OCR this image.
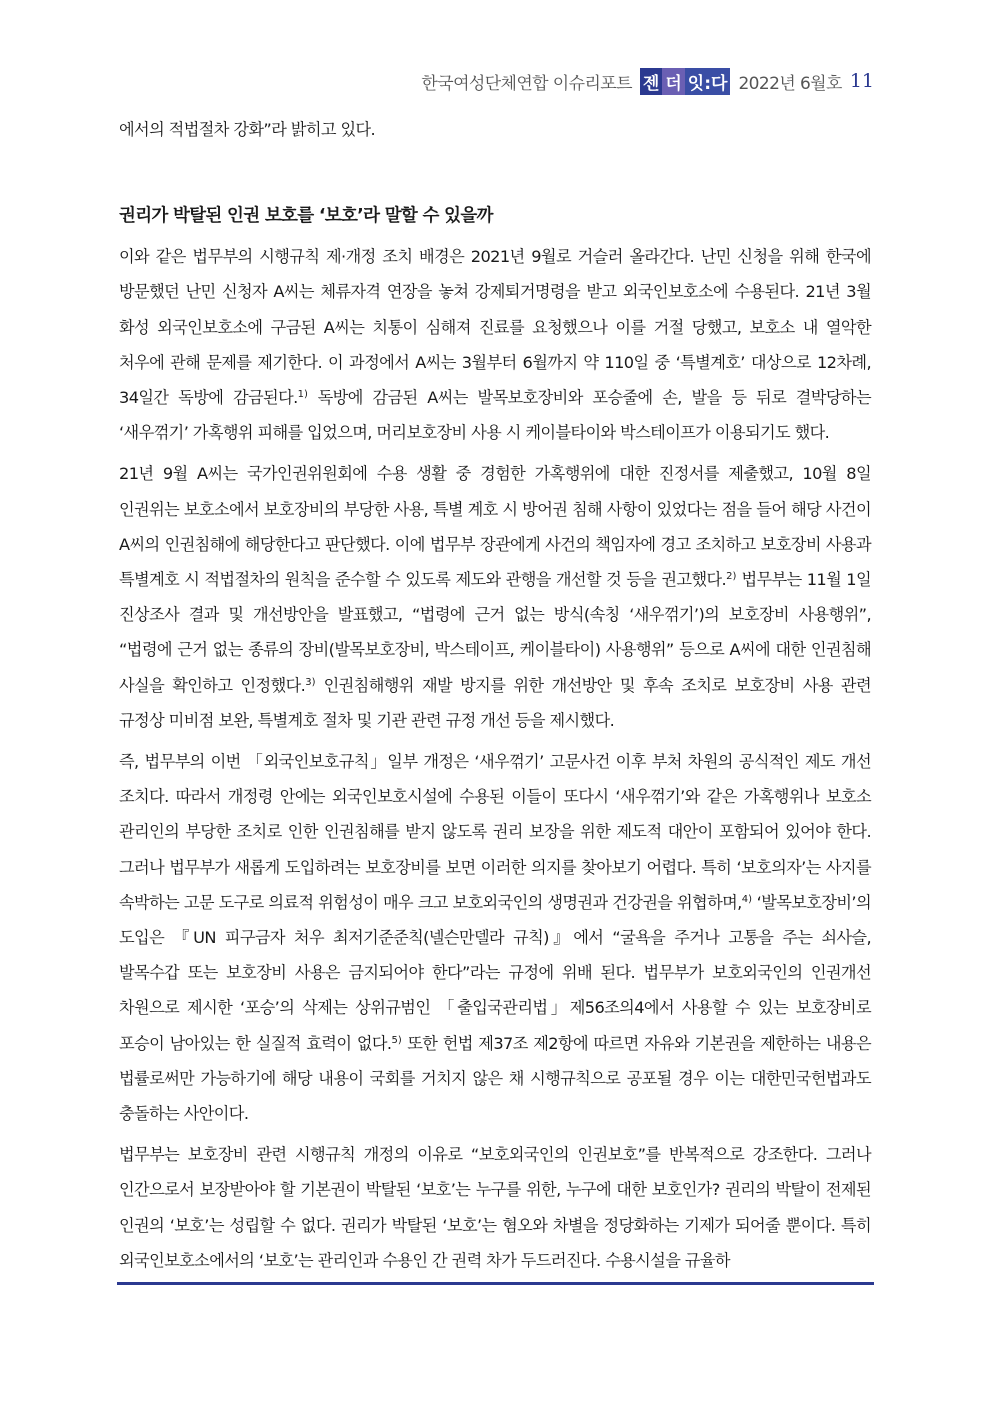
한국여성단체연합 이슈리포트 젠 더 잇:다 2022년 6월호 11

에서의 적법절차 강화”라 밝히고 있다.

권리가 박탈된 인권 보호를 ‘보호’라 말할 수 있을까

이와 같은 법무부의 시행규칙 제·개정 조치 배경은 2021년 9월로 거슬러 올라간다. 난민 신청을 위해 한국에 방문했던 난민 신청자 A씨는 체류자격 연장을 놓쳐 강제퇴거명령을 받고 외국인보호소에 수용된다. 21년 3월 화성 외국인보호소에 구금된 A씨는 치통이 심해져 진료를 요청했으나 이를 거절 당했고, 보호소 내 열악한 처우에 관해 문제를 제기한다. 이 과정에서 A씨는 3월부터 6월까지 약 110일 중 ‘특별계호’ 대상으로 12차례, 34일간 독방에 감금된다.$^{1)}$ 독방에 감금된 A씨는 발목보호장비와 포승줄에 손, 발을 등 뒤로 결박당하는 ‘새우꺾기’ 가혹행위 피해를 입었으며, 머리보호장비 사용 시 케이블타이와 박스테이프가 이용되기도 했다.

21년 9월 A씨는 국가인권위원회에 수용 생활 중 경험한 가혹행위에 대한 진정서를 제출했고, 10월 8일 인권위는 보호소에서 보호장비의 부당한 사용, 특별 계호 시 방어권 침해 사항이 있었다는 점을 들어 해당 사건이 A씨의 인권침해에 해당한다고 판단했다. 이에 법무부 장관에게 사건의 책임자에 경고 조치하고 보호장비 사용과 특별계호 시 적법절차의 원칙을 준수할 수 있도록 제도와 관행을 개선할 것 등을 권고했다.$^{2)}$ 법무부는 11월 1일 진상조사 결과 및 개선방안을 발표했고, “법령에 근거 없는 방식(속칭 ‘새우꺾기’)의 보호장비 사용행위”, “법령에 근거 없는 종류의 장비(발목보호장비, 박스테이프, 케이블타이) 사용행위” 등으로 A씨에 대한 인권침해 사실을 확인하고 인정했다.$^{3)}$ 인권침해행위 재발 방지를 위한 개선방안 및 후속 조치로 보호장비 사용 관련 규정상 미비점 보완, 특별계호 절차 및 기관 관련 규정 개선 등을 제시했다.

즉, 법무부의 이번 「외국인보호규칙」일부 개정은 ‘새우꺾기’ 고문사건 이후 부처 차원의 공식적인 제도 개선 조치다. 따라서 개정령 안에는 외국인보호시설에 수용된 이들이 또다시 ‘새우꺾기’와 같은 가혹행위나 보호소 관리인의 부당한 조치로 인한 인권침해를 받지 않도록 권리 보장을 위한 제도적 대안이 포함되어 있어야 한다. 그러나 법무부가 새롭게 도입하려는 보호장비를 보면 이러한 의지를 찾아보기 어렵다. 특히 ‘보호의자’는 사지를 속박하는 고문 도구로 의료적 위험성이 매우 크고 보호외국인의 생명권과 건강권을 위협하며,$^{4)}$ ‘발목보호장비’의 도입은 『UN 피구금자 처우 최저기준준칙(넬슨만델라 규칙)』에서 “굴욕을 주거나 고통을 주는 쇠사슬, 발목수갑 또는 보호장비 사용은 금지되어야 한다”라는 규정에 위배 된다. 법무부가 보호외국인의 인권개선 차원으로 제시한 ‘포승’의 삭제는 상위규범인 「출입국관리법」제56조의4에서 사용할 수 있는 보호장비로 포승이 남아있는 한 실질적 효력이 없다.$^{5)}$ 또한 헌법 제37조 제2항에 따르면 자유와 기본권을 제한하는 내용은 법률로써만 가능하기에 해당 내용이 국회를 거치지 않은 채 시행규칙으로 공포될 경우 이는 대한민국헌법과도 충돌하는 사안이다.

법무부는 보호장비 관련 시행규칙 개정의 이유로 “보호외국인의 인권보호”를 반복적으로 강조한다. 그러나 인간으로서 보장받아야 할 기본권이 박탈된 ‘보호’는 누구를 위한, 누구에 대한 보호인가? 권리의 박탈이 전제된 인권의 ‘보호’는 성립할 수 없다. 권리가 박탈된 ‘보호’는 혐오와 차별을 정당화하는 기제가 되어줄 뿐이다. 특히 외국인보호소에서의 ‘보호’는 관리인과 수용인 간 권력 차가 두드러진다. 수용시설을 규율하
